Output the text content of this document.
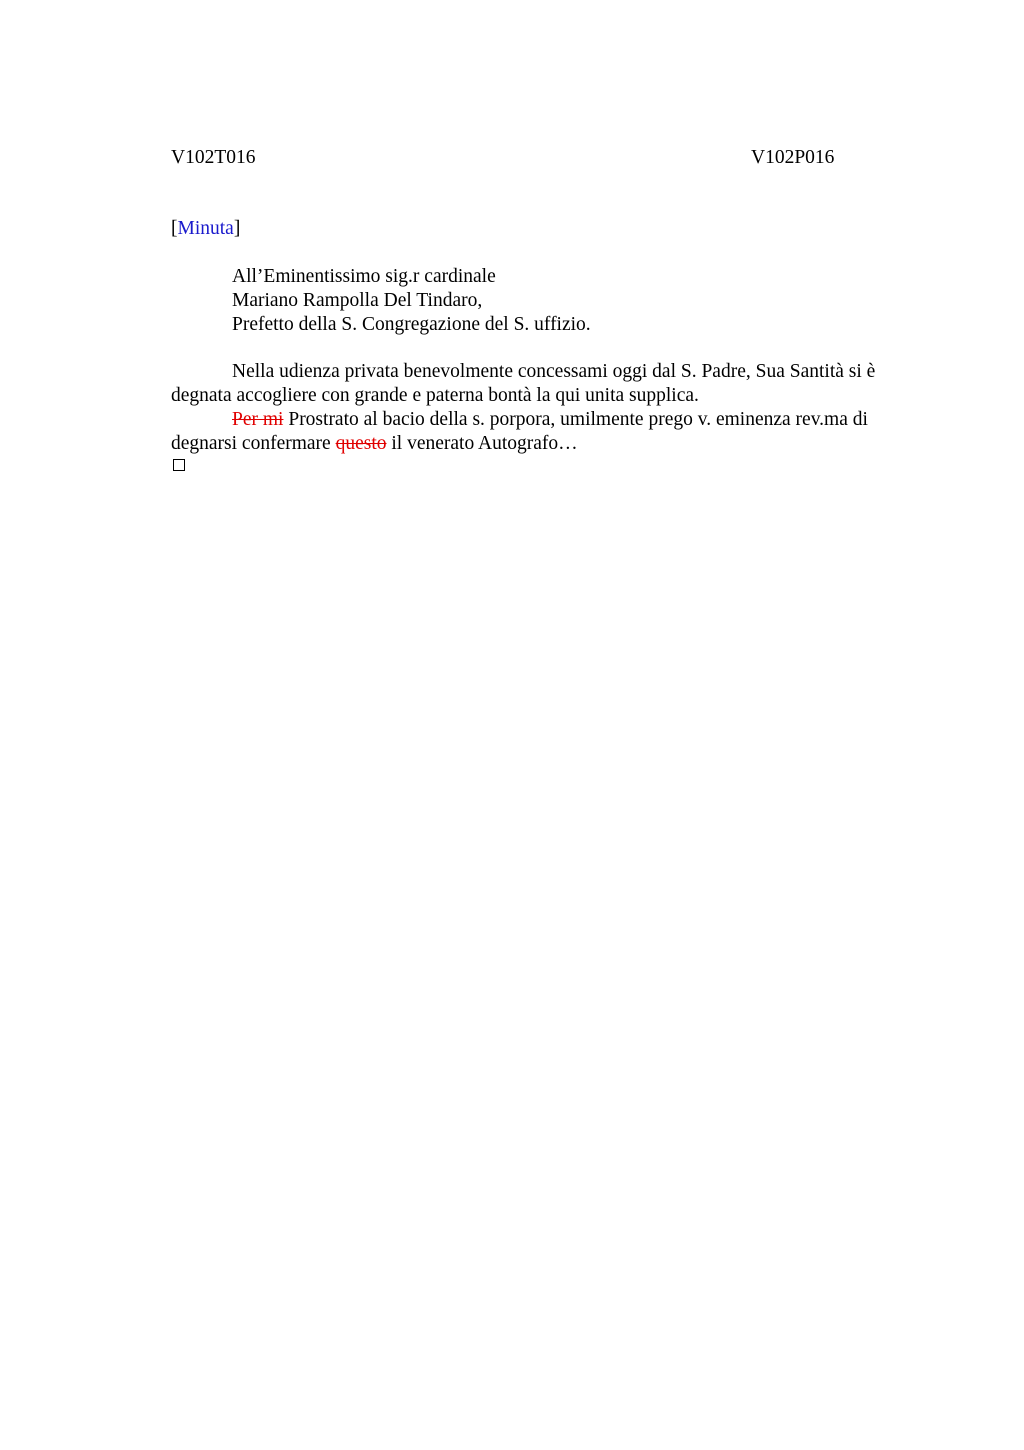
V102T016	V102P016
[Minuta]
All’Eminentissimo sig.r cardinale
Mariano Rampolla Del Tindaro,
Prefetto della S. Congregazione del S. uffizio.

Nella udienza privata benevolmente concessami oggi dal S. Padre, Sua Santità si è degnata accogliere con grande e paterna bontà la qui unita supplica.

Per mi Prostrato al bacio della s. porpora, umilmente prego v. eminenza rev.ma di degnarsi confermare questo il venerato Autografo…
